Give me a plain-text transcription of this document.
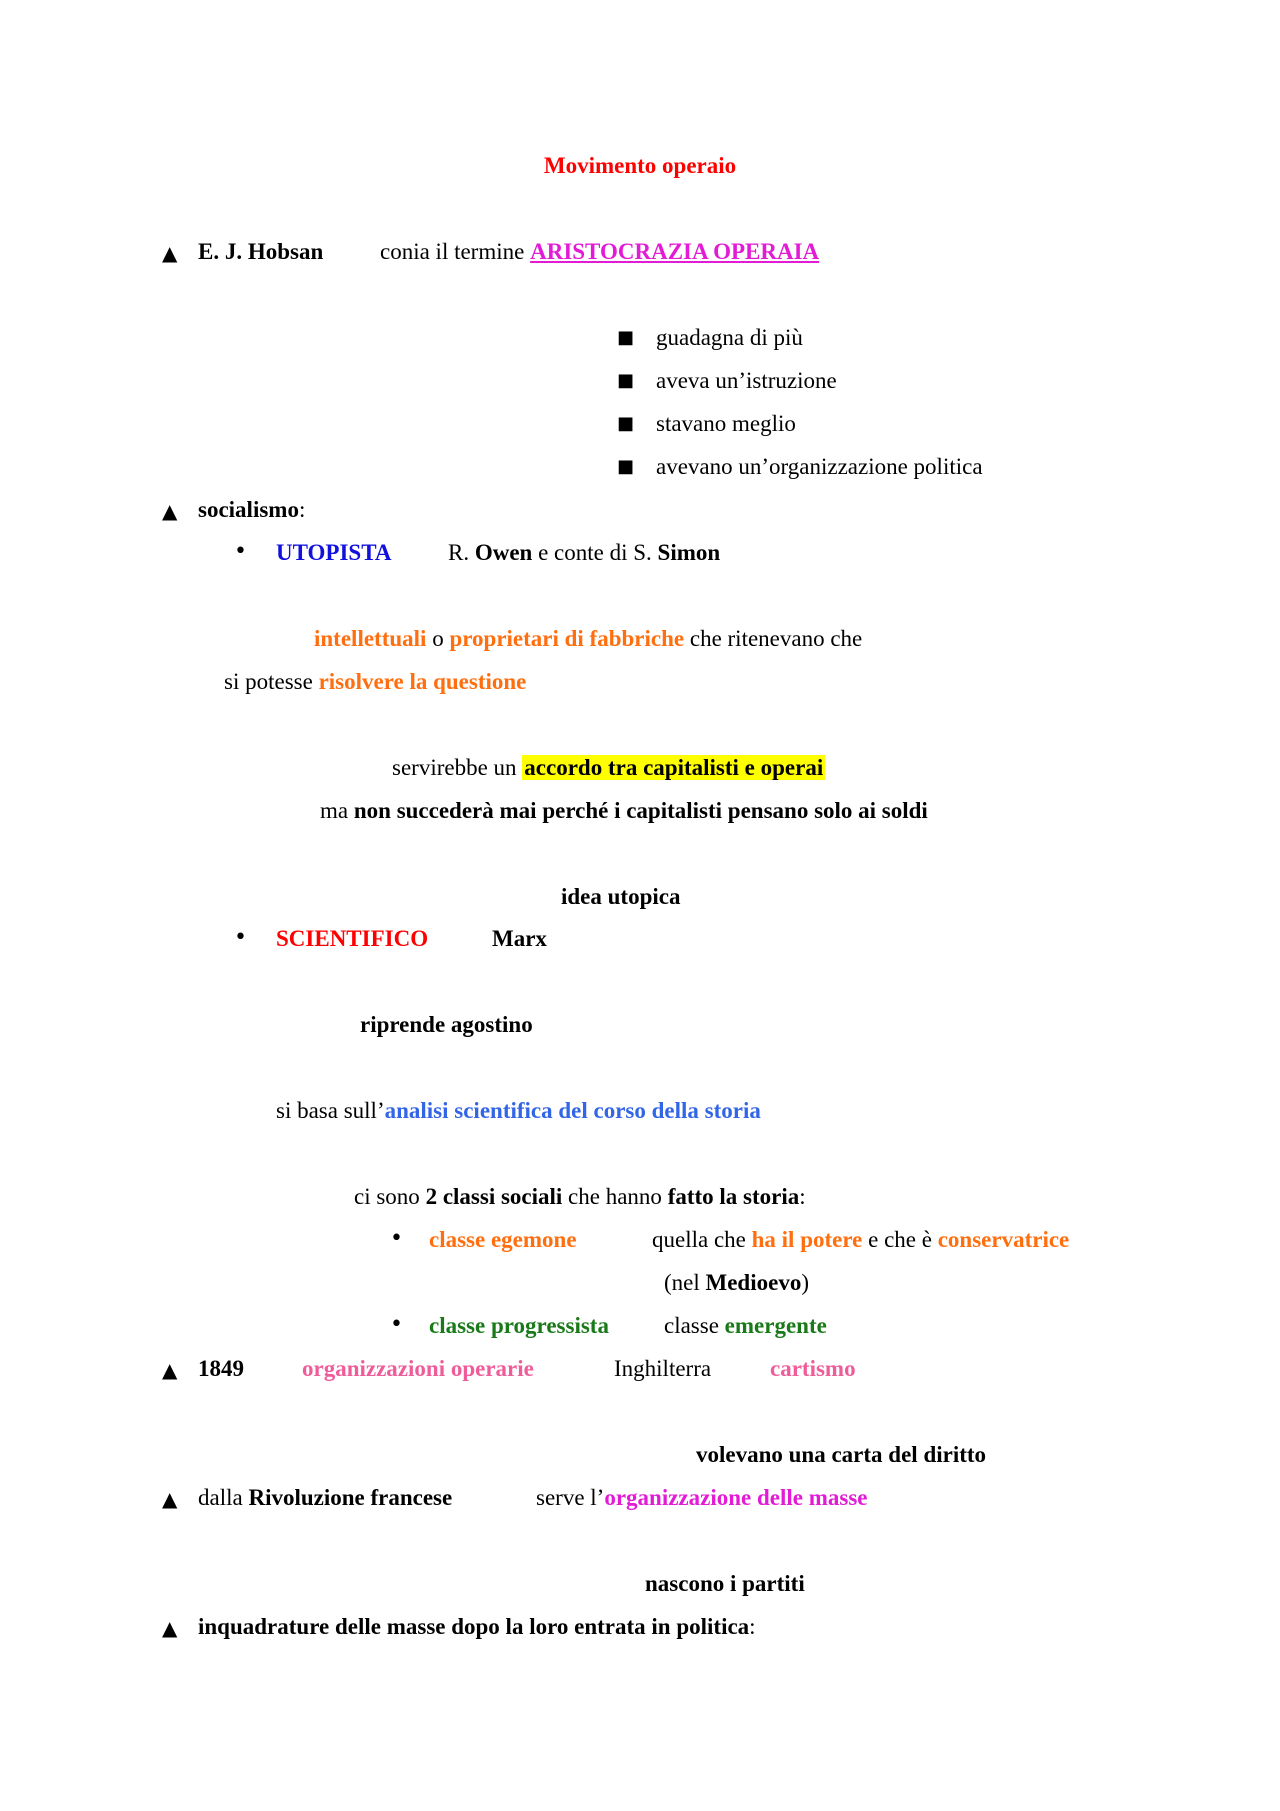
Movimento operaio
▲ E. J. Hobsan conia il termine ARISTOCRAZIA OPERAIA
■ guadagna di più
■ aveva un’istruzione
■ stavano meglio
■ avevano un’organizzazione politica
▲ socialismo:
• UTOPISTA R. Owen e conte di S. Simon
intellettuali o proprietari di fabbriche che ritenevano che
si potesse risolvere la questione
servirebbe un accordo tra capitalisti e operai
ma non succederà mai perché i capitalisti pensano solo ai soldi
idea utopica
• SCIENTIFICO	Marx
riprende agostino
si basa sull’analisi scientifica del corso della storia
ci sono 2 classi sociali che hanno fatto la storia:
• classe egemone	quella che ha il potere e che è conservatrice
(nel Medioevo)
• classe progressista classe emergente
▲ 1849	organizzazioni operarie	Inghilterra	cartismo
volevano una carta del diritto
▲ dalla Rivoluzione francese	serve l’organizzazione delle masse
nascono i partiti
▲ inquadrature delle masse dopo la loro entrata in politica:
